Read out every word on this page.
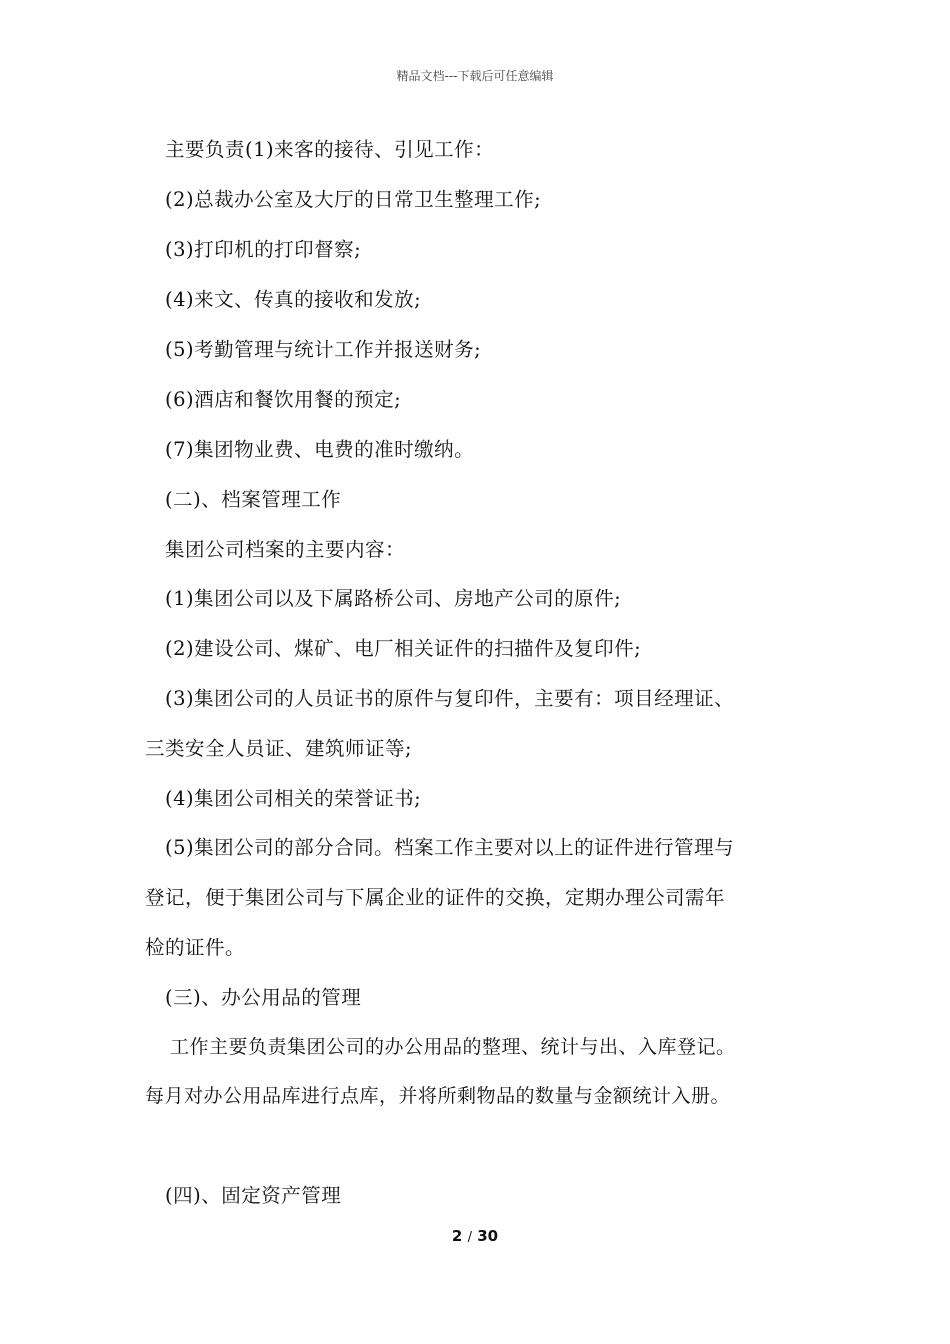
精品文档---下载后可任意编辑
主要负责(1)来客的接待、引见工作：
(2)总裁办公室及大厅的日常卫生整理工作;
(3)打印机的打印督察;
(4)来文、传真的接收和发放;
(5)考勤管理与统计工作并报送财务;
(6)酒店和餐饮用餐的预定;
(7)集团物业费、电费的准时缴纳。
(二)、档案管理工作
集团公司档案的主要内容：
(1)集团公司以及下属路桥公司、房地产公司的原件;
(2)建设公司、煤矿、电厂相关证件的扫描件及复印件;
(3)集团公司的人员证书的原件与复印件，主要有：项目经理证、
三类安全人员证、建筑师证等;
(4)集团公司相关的荣誉证书;
(5)集团公司的部分合同。档案工作主要对以上的证件进行管理与
登记，便于集团公司与下属企业的证件的交换，定期办理公司需年
检的证件。
(三)、办公用品的管理
工作主要负责集团公司的办公用品的整理、统计与出、入库登记。
每月对办公用品库进行点库，并将所剩物品的数量与金额统计入册。
(四)、固定资产管理
2 / 30
